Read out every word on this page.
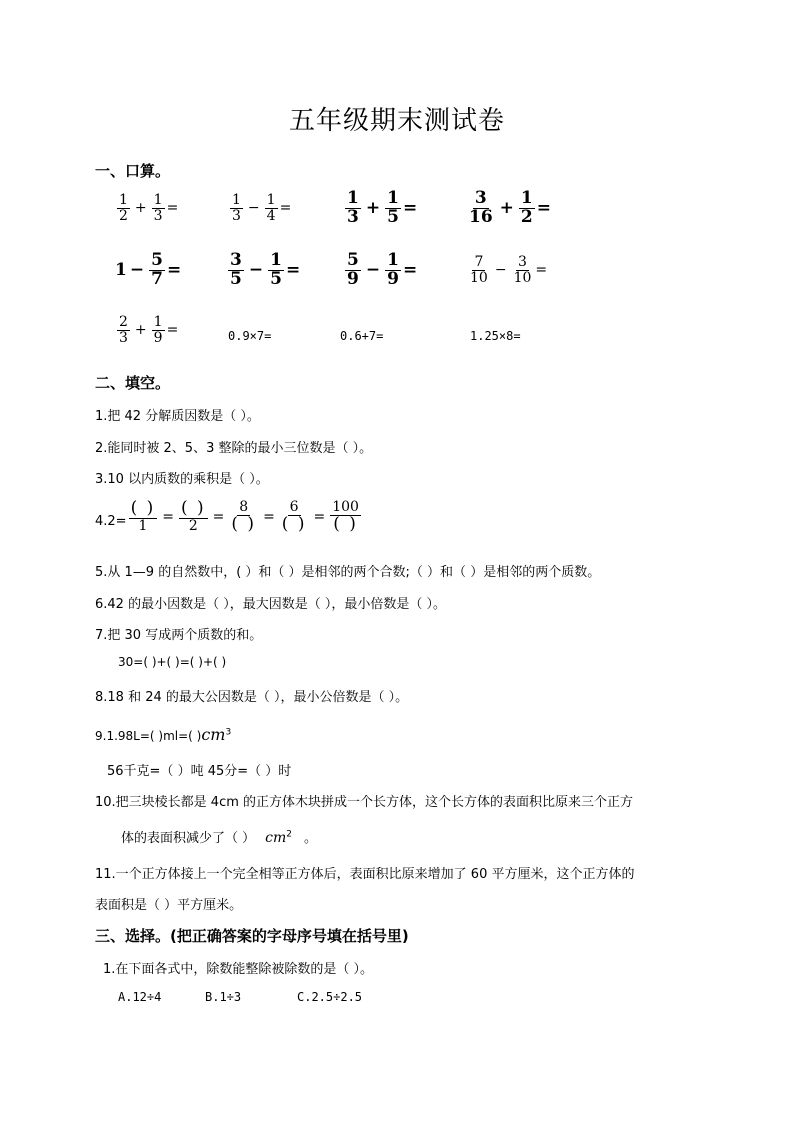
五年级期末测试卷
一、口算。
$\frac{1}{2} + \frac{1}{3}$ =	$\frac{1}{3} - \frac{1}{4}$ =	$\frac{1}{3} + \frac{1}{5}$ =	$\frac{3}{16} + \frac{1}{2}$ =
$1 - \frac{5}{7}$ =	$\frac{3}{5} - \frac{1}{5}$ =	$\frac{5}{9} - \frac{1}{9}$ =	$\frac{7}{10} - \frac{3}{10}$ =
$\frac{2}{3} + \frac{1}{9}$ =	0.9×7=	0.6+7=	1.25×8=
二、填空。
1.把 42 分解质因数是（ ）。
2.能同时被 2、5、3 整除的最小三位数是（ ）。
3.10 以内质数的乘积是（ ）。
$4.2= \frac{( )}{1} = \frac{( )}{2} = \frac{8}{( )} = \frac{6}{( )} = \frac{100}{( )}$
5.从 1—9 的自然数中，( ）和（ ）是相邻的两个合数;（ ）和（ ）是相邻的两个质数。
6.42 的最小因数是（ ），最大因数是（ ），最小倍数是（ ）。
7.把 30 写成两个质数的和。
30=( )+( )=( )+( )
8.18 和 24 的最大公因数是（ ），最小公倍数是（ ）。
9.1.98L=( )ml=( )$cm^3$
56千克=（ ）吨 45分=（ ）时
10.把三块棱长都是 4cm 的正方体木块拼成一个长方体，这个长方体的表面积比原来三个正方
体的表面积减少了（ ） $cm^2$ 。
11.一个正方体接上一个完全相等正方体后，表面积比原来增加了 60 平方厘米，这个正方体的
表面积是（ ）平方厘米。
三、选择。(把正确答案的字母序号填在括号里)
1.在下面各式中，除数能整除被除数的是（ ）。
A.12÷4	B.1÷3	C.2.5÷2.5
